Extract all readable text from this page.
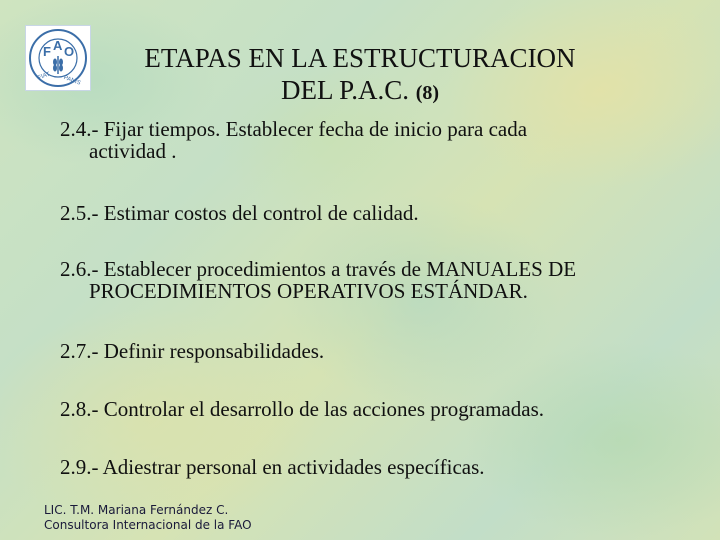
F A O
FIAT PANIS
ETAPAS EN LA ESTRUCTURACION
DEL P.A.C. (8)

2.4.- Fijar tiempos. Establecer fecha de inicio para cada
actividad .

2.5.- Estimar costos del control de calidad.

2.6.- Establecer procedimientos a través de MANUALES DE
PROCEDIMIENTOS OPERATIVOS ESTÁNDAR.

2.7.- Definir responsabilidades.

2.8.- Controlar el desarrollo de las acciones programadas.

2.9.- Adiestrar personal en actividades específicas.

LIC. T.M. Mariana Fernández C.
Consultora Internacional de la FAO
